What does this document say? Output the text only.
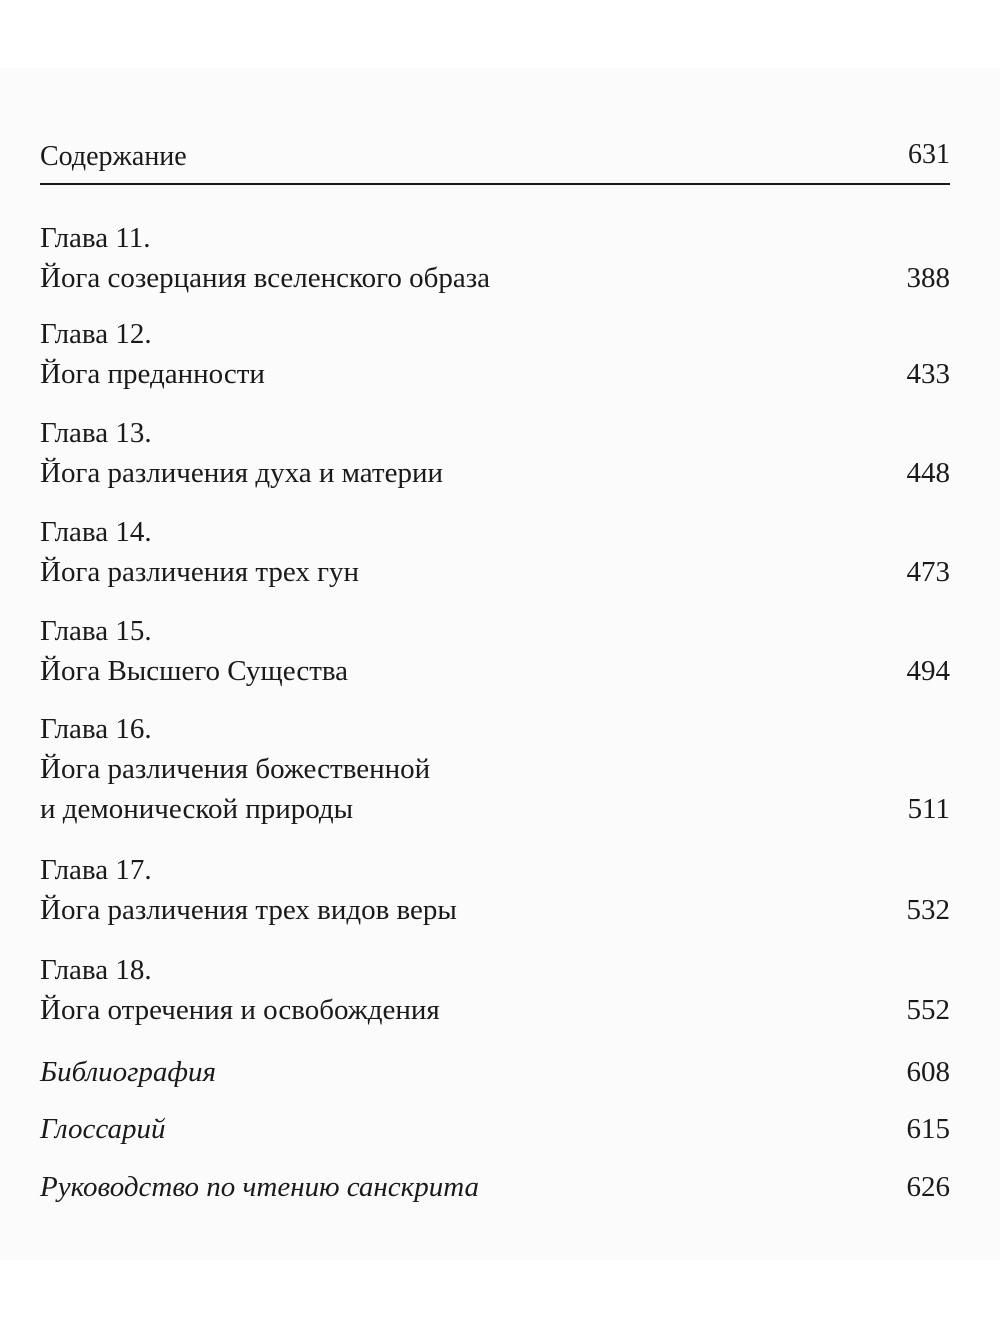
Содержание	631
Глава 11.
Йога созерцания вселенского образа	388
Глава 12.
Йога преданности	433
Глава 13.
Йога различения духа и материи	448
Глава 14.
Йога различения трех гун	473
Глава 15.
Йога Высшего Существа	494
Глава 16.
Йога различения божественной
и демонической природы	511
Глава 17.
Йога различения трех видов веры	532
Глава 18.
Йога отречения и освобождения	552
Библиография	608
Глоссарий	615
Руководство по чтению санскрита	626
